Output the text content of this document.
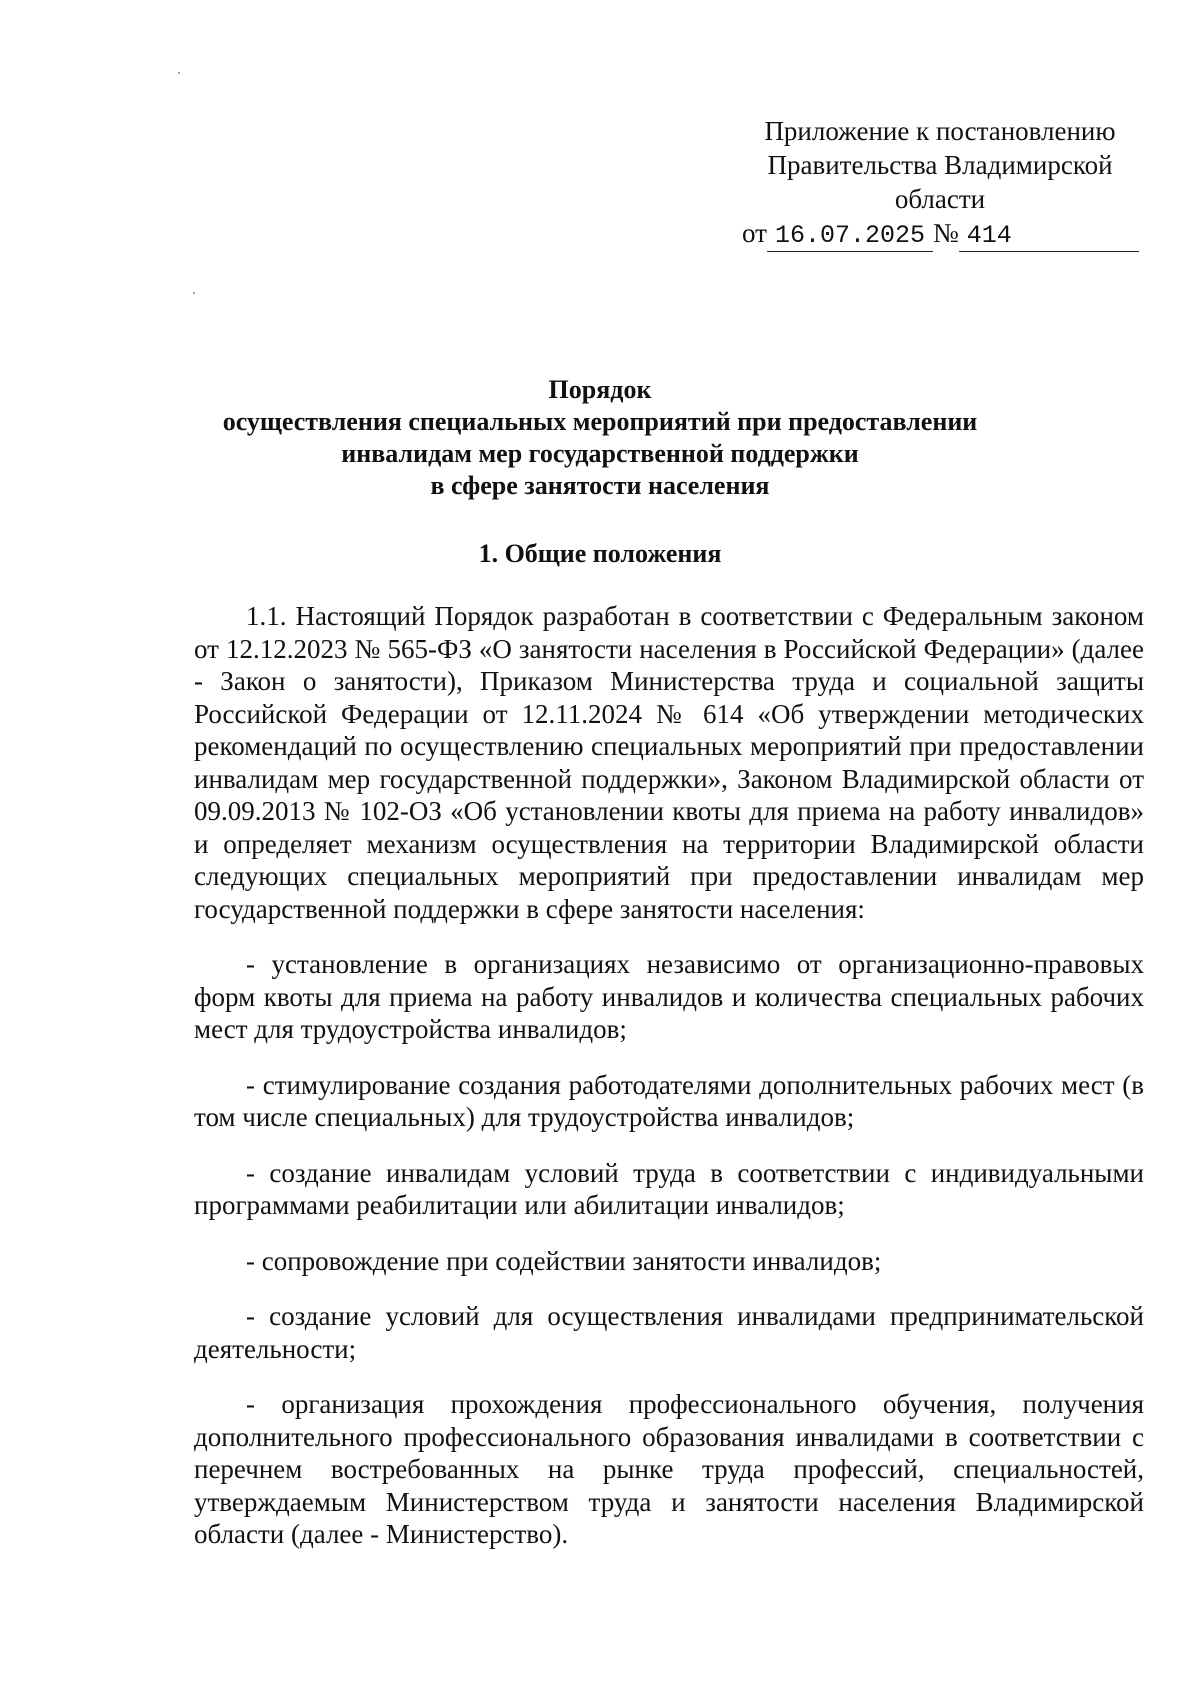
Приложение к постановлению
Правительства Владимирской
области
от 16.07.2025 № 414
Порядок
осуществления специальных мероприятий при предоставлении
инвалидам мер государственной поддержки
в сфере занятости населения
1. Общие положения

1.1. Настоящий Порядок разработан в соответствии с Федеральным законом от 12.12.2023 № 565-ФЗ «О занятости населения в Российской Федерации» (далее - Закон о занятости), Приказом Министерства труда и социальной защиты Российской Федерации от 12.11.2024 № 614 «Об утверждении методических рекомендаций по осуществлению специальных мероприятий при предоставлении инвалидам мер государственной поддержки», Законом Владимирской области от 09.09.2013 № 102-ОЗ «Об установлении квоты для приема на работу инвалидов» и определяет механизм осуществления на территории Владимирской области следующих специальных мероприятий при предоставлении инвалидам мер государственной поддержки в сфере занятости населения:

- установление в организациях независимо от организационно-правовых форм квоты для приема на работу инвалидов и количества специальных рабочих мест для трудоустройства инвалидов;

- стимулирование создания работодателями дополнительных рабочих мест (в том числе специальных) для трудоустройства инвалидов;

- создание инвалидам условий труда в соответствии с индивидуальными программами реабилитации или абилитации инвалидов;

- сопровождение при содействии занятости инвалидов;

- создание условий для осуществления инвалидами предпринимательской деятельности;

- организация прохождения профессионального обучения, получения дополнительного профессионального образования инвалидами в соответствии с перечнем востребованных на рынке труда профессий, специальностей, утверждаемым Министерством труда и занятости населения Владимирской области (далее - Министерство).
